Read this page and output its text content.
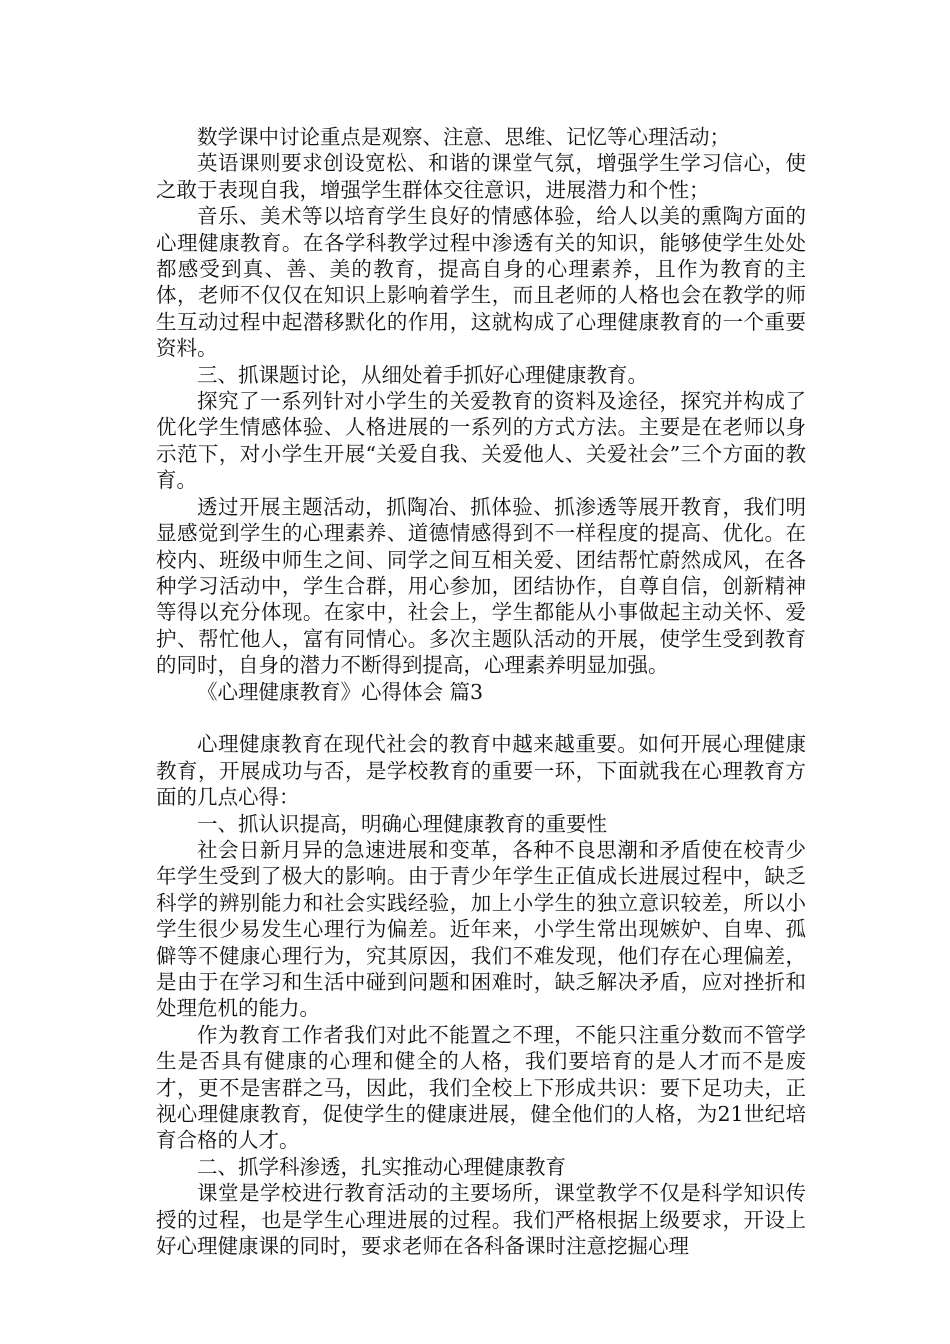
数学课中讨论重点是观察、注意、思维、记忆等心理活动；

英语课则要求创设宽松、和谐的课堂气氛，增强学生学习信心，使之敢于表现自我，增强学生群体交往意识，进展潜力和个性；

音乐、美术等以培育学生良好的情感体验，给人以美的熏陶方面的心理健康教育。在各学科教学过程中渗透有关的知识，能够使学生处处都感受到真、善、美的教育，提高自身的心理素养，且作为教育的主体，老师不仅仅在知识上影响着学生，而且老师的人格也会在教学的师生互动过程中起潜移默化的作用，这就构成了心理健康教育的一个重要资料。

三、抓课题讨论，从细处着手抓好心理健康教育。

探究了一系列针对小学生的关爱教育的资料及途径，探究并构成了优化学生情感体验、人格进展的一系列的方式方法。主要是在老师以身示范下，对小学生开展“关爱自我、关爱他人、关爱社会”三个方面的教育。

透过开展主题活动，抓陶冶、抓体验、抓渗透等展开教育，我们明显感觉到学生的心理素养、道德情感得到不一样程度的提高、优化。在校内、班级中师生之间、同学之间互相关爱、团结帮忙蔚然成风，在各种学习活动中，学生合群，用心参加，团结协作，自尊自信，创新精神等得以充分体现。在家中，社会上，学生都能从小事做起主动关怀、爱护、帮忙他人，富有同情心。多次主题队活动的开展，使学生受到教育的同时，自身的潜力不断得到提高，心理素养明显加强。

《心理健康教育》心得体会 篇3

心理健康教育在现代社会的教育中越来越重要。如何开展心理健康教育，开展成功与否，是学校教育的重要一环，下面就我在心理教育方面的几点心得：

一、抓认识提高，明确心理健康教育的重要性

社会日新月异的急速进展和变革，各种不良思潮和矛盾使在校青少年学生受到了极大的影响。由于青少年学生正值成长进展过程中，缺乏科学的辨别能力和社会实践经验，加上小学生的独立意识较差，所以小学生很少易发生心理行为偏差。近年来，小学生常出现嫉妒、自卑、孤僻等不健康心理行为，究其原因，我们不难发现，他们存在心理偏差，是由于在学习和生活中碰到问题和困难时，缺乏解决矛盾，应对挫折和处理危机的能力。

作为教育工作者我们对此不能置之不理，不能只注重分数而不管学生是否具有健康的心理和健全的人格，我们要培育的是人才而不是废才，更不是害群之马，因此，我们全校上下形成共识：要下足功夫，正视心理健康教育，促使学生的健康进展，健全他们的人格，为21世纪培育合格的人才。

二、抓学科渗透，扎实推动心理健康教育

课堂是学校进行教育活动的主要场所，课堂教学不仅是科学知识传授的过程，也是学生心理进展的过程。我们严格根据上级要求，开设上好心理健康课的同时，要求老师在各科备课时注意挖掘心理
